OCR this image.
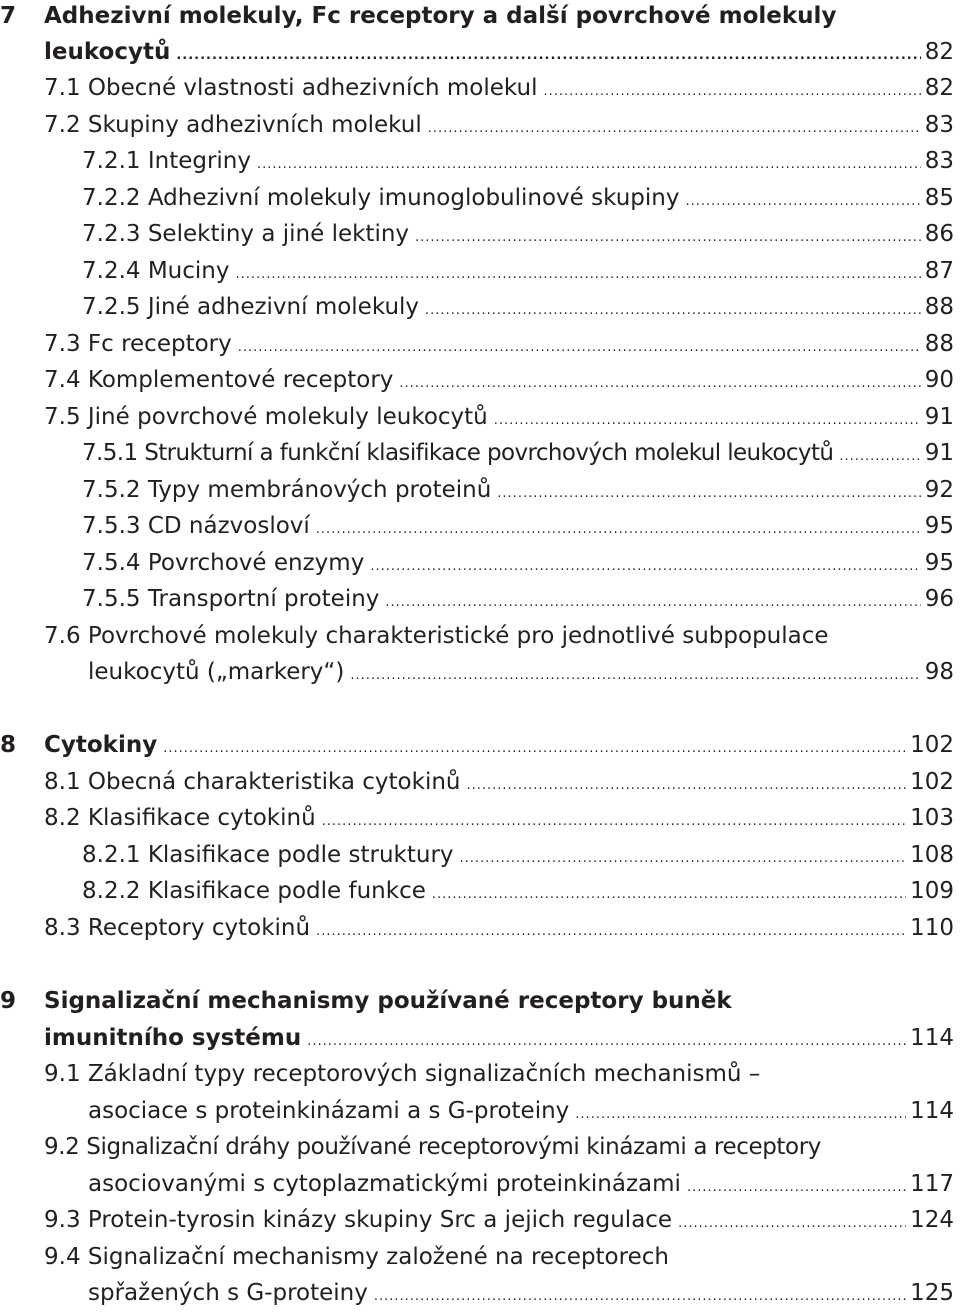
7 Adhezivní molekuly, Fc receptory a další povrchové molekuly
leukocytů .....	82
7.1 Obecné vlastnosti adhezivních molekul .....	82
7.2 Skupiny adhezivních molekul .....	83
7.2.1 Integriny .....	83
7.2.2 Adhezivní molekuly imunoglobulinové skupiny .....	85
7.2.3 Selektiny a jiné lektiny .....	86
7.2.4 Muciny .....	87
7.2.5 Jiné adhezivní molekuly .....	88
7.3 Fc receptory .....	88
7.4 Komplementové receptory .....	90
7.5 Jiné povrchové molekuly leukocytů .....	91
7.5.1 Strukturní a funkční klasifikace povrchových molekul leukocytů .....	91
7.5.2 Typy membránových proteinů .....	92
7.5.3 CD názvosloví .....	95
7.5.4 Povrchové enzymy .....	95
7.5.5 Transportní proteiny .....	96
7.6 Povrchové molekuly charakteristické pro jednotlivé subpopulace
leukocytů („markery“) .....	98
8 Cytokiny .....	102
8.1 Obecná charakteristika cytokinů .....	102
8.2 Klasifikace cytokinů .....	103
8.2.1 Klasifikace podle struktury .....	108
8.2.2 Klasifikace podle funkce .....	109
8.3 Receptory cytokinů .....	110
9 Signalizační mechanismy používané receptory buněk
imunitního systému .....	114
9.1 Základní typy receptorových signalizačních mechanismů –
asociace s proteinkinázami a s G-proteiny .....	114
9.2 Signalizační dráhy používané receptorovými kinázami a receptory
asociovanými s cytoplazmatickými proteinkinázami .....	117
9.3 Protein-tyrosin kinázy skupiny Src a jejich regulace .....	124
9.4 Signalizační mechanismy založené na receptorech
spřažených s G-proteiny .....	125
